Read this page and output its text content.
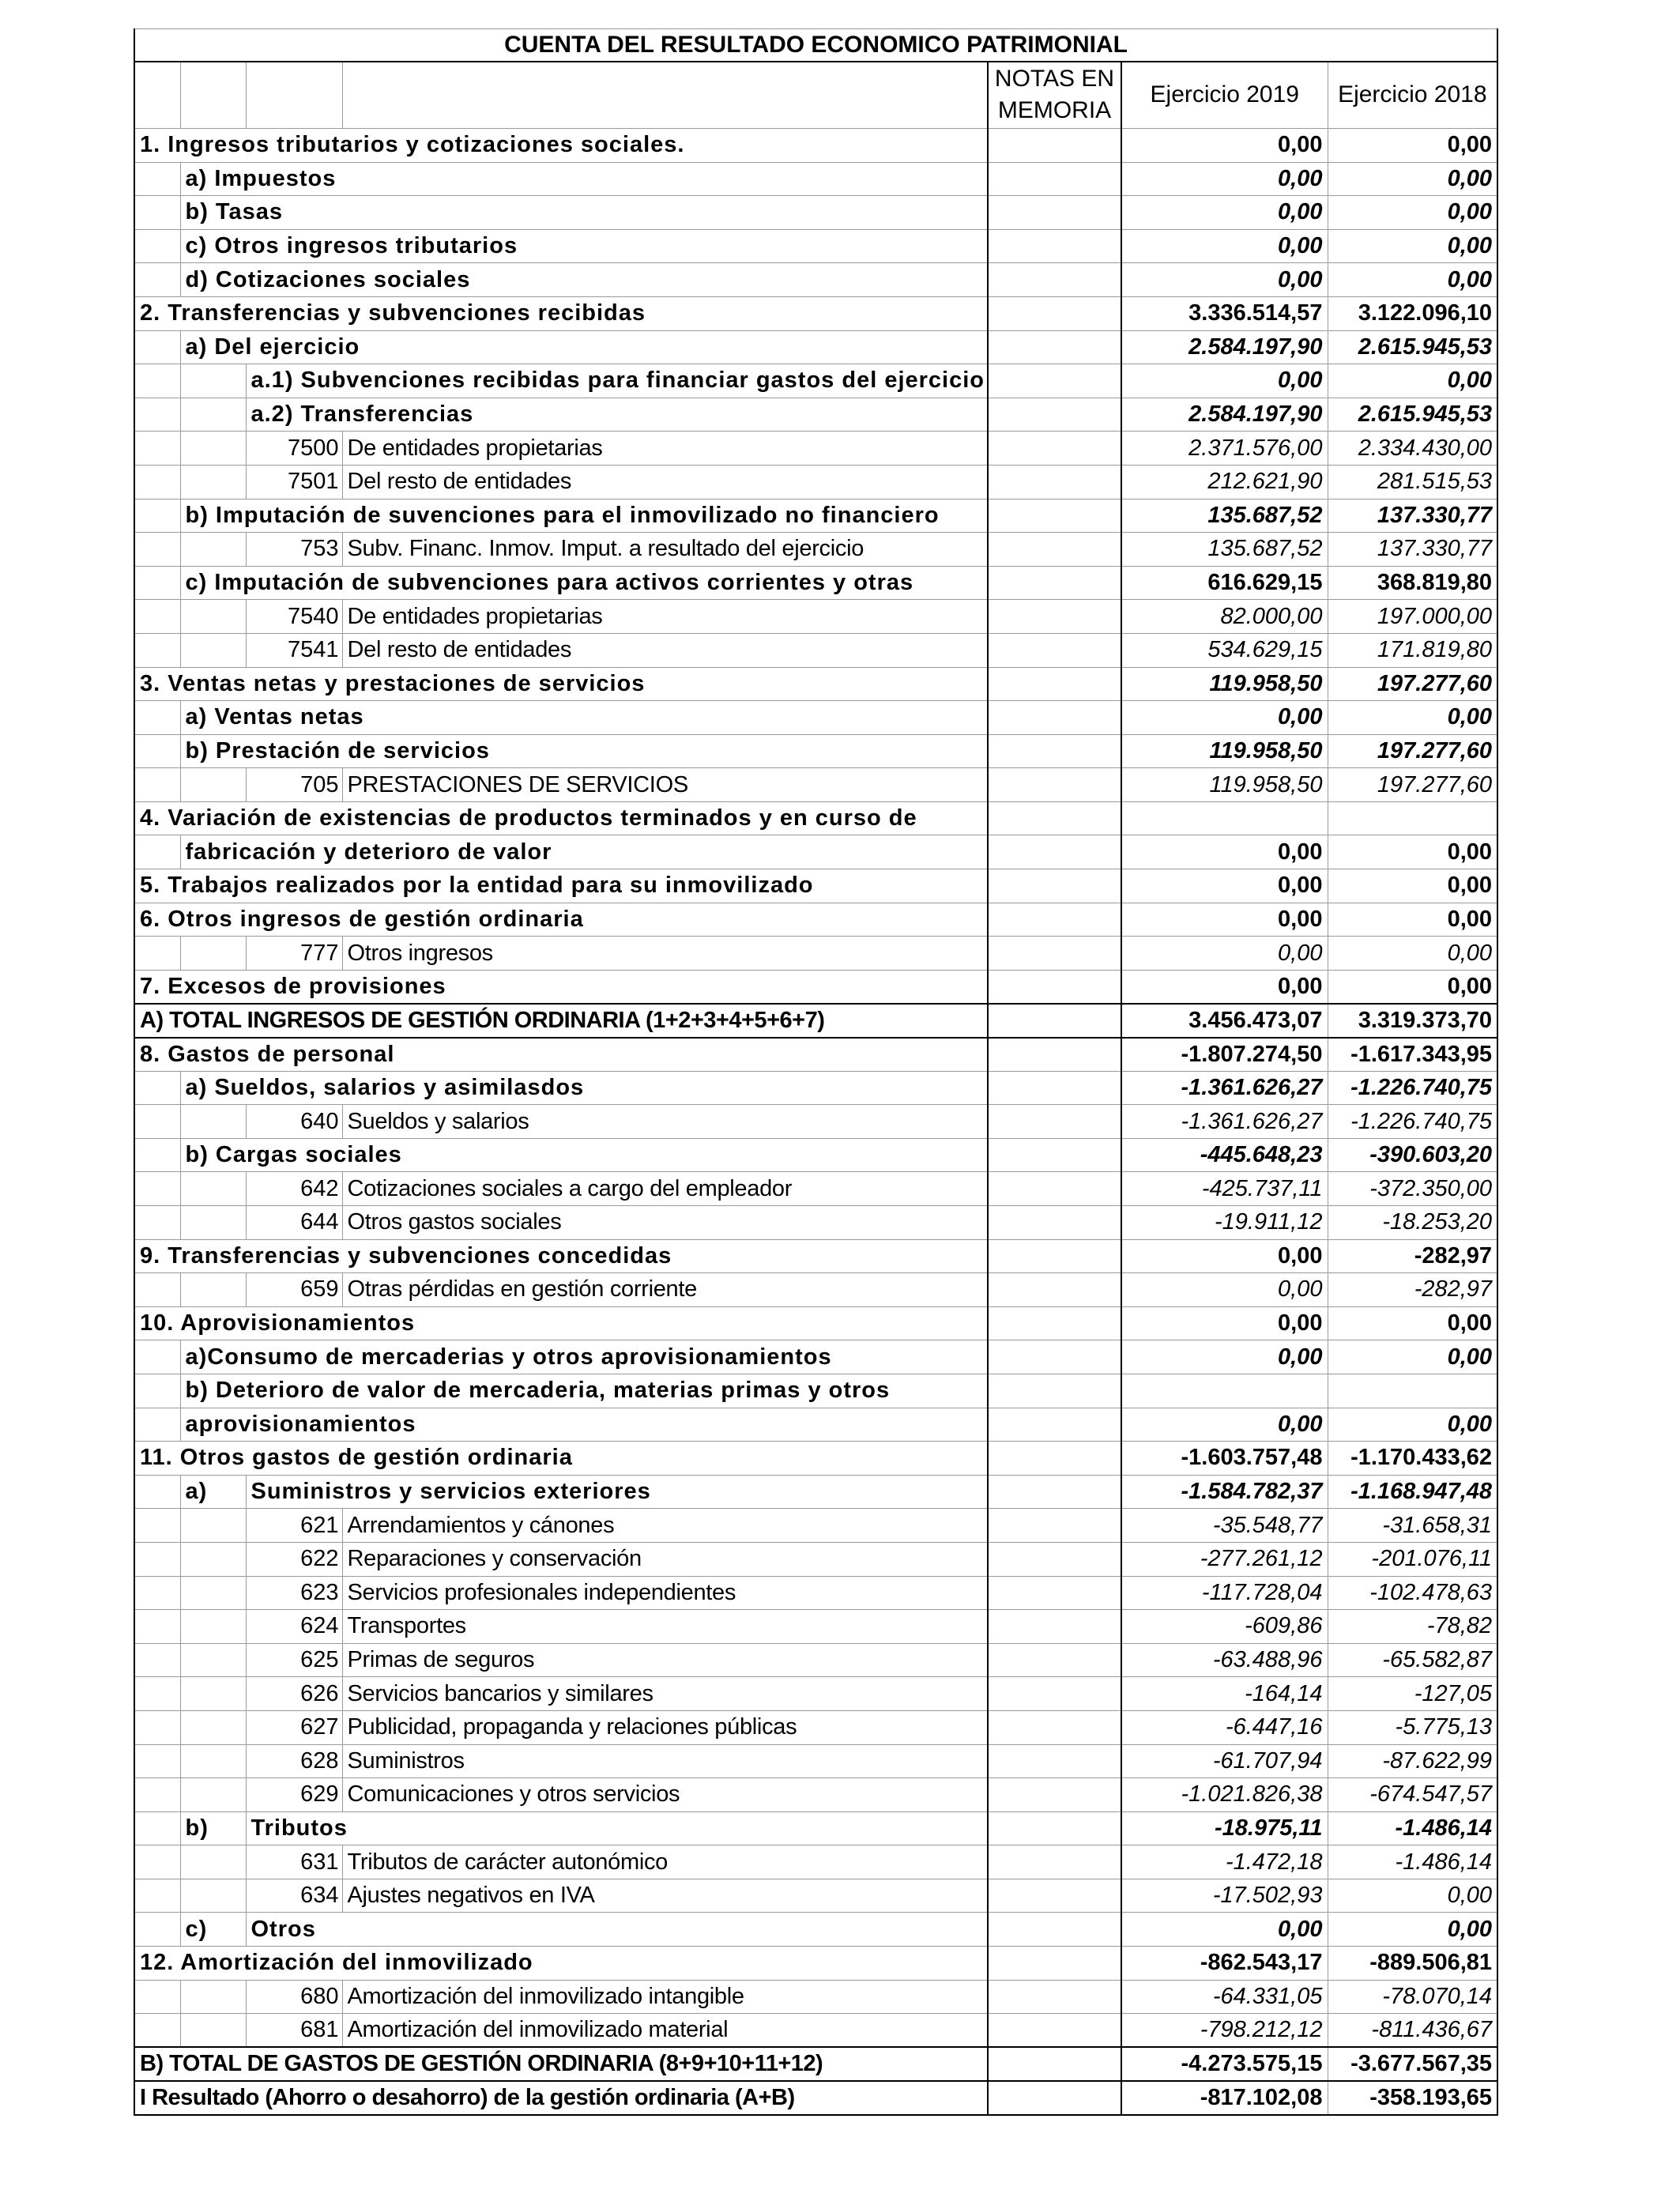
CUENTA DEL RESULTADO ECONOMICO PATRIMONIAL						
				NOTAS EN MEMORIA	Ejercicio 2019	Ejercicio 2018
1. Ingresos tributarios y cotizaciones sociales.					0,00	0,00
	a) Impuestos				0,00	0,00
	b) Tasas				0,00	0,00
	c) Otros ingresos tributarios				0,00	0,00
	d) Cotizaciones sociales				0,00	0,00
2. Transferencias y subvenciones recibidas					3.336.514,57	3.122.096,10
	a) Del ejercicio				2.584.197,90	2.615.945,53
		a.1) Subvenciones recibidas para financiar gastos del ejercicio			0,00	0,00
		a.2) Transferencias			2.584.197,90	2.615.945,53
		7500	De entidades propietarias		2.371.576,00	2.334.430,00
		7501	Del resto de entidades		212.621,90	281.515,53
	b) Imputación de suvenciones para el inmovilizado no financiero				135.687,52	137.330,77
		753	Subv. Financ. Inmov. Imput. a resultado del ejercicio		135.687,52	137.330,77
	c) Imputación de subvenciones para activos corrientes y otras				616.629,15	368.819,80
		7540	De entidades propietarias		82.000,00	197.000,00
		7541	Del resto de entidades		534.629,15	171.819,80
3. Ventas netas y prestaciones de servicios					119.958,50	197.277,60
	a) Ventas netas				0,00	0,00
	b) Prestación de servicios				119.958,50	197.277,60
		705	PRESTACIONES DE SERVICIOS		119.958,50	197.277,60
4. Variación de existencias de productos terminados y en curso de						
	fabricación y deterioro de valor				0,00	0,00
5. Trabajos realizados por la entidad para su inmovilizado					0,00	0,00
6. Otros ingresos de gestión ordinaria					0,00	0,00
		777	Otros ingresos		0,00	0,00
7. Excesos de provisiones					0,00	0,00
A) TOTAL INGRESOS DE GESTIÓN ORDINARIA (1+2+3+4+5+6+7)					3.456.473,07	3.319.373,70
8. Gastos de personal					-1.807.274,50	-1.617.343,95
	a) Sueldos, salarios y asimilasdos				-1.361.626,27	-1.226.740,75
		640	Sueldos y salarios		-1.361.626,27	-1.226.740,75
	b) Cargas sociales				-445.648,23	-390.603,20
		642	Cotizaciones sociales a cargo del empleador		-425.737,11	-372.350,00
		644	Otros gastos sociales		-19.911,12	-18.253,20
9. Transferencias y subvenciones concedidas					0,00	-282,97
		659	Otras pérdidas en gestión corriente		0,00	-282,97
10. Aprovisionamientos					0,00	0,00
	a)Consumo de mercaderias y otros aprovisionamientos				0,00	0,00
	b) Deterioro de valor de mercaderia, materias primas y otros					
	aprovisionamientos				0,00	0,00
11. Otros gastos de gestión ordinaria					-1.603.757,48	-1.170.433,62
	a)	Suministros y servicios exteriores			-1.584.782,37	-1.168.947,48
		621	Arrendamientos y cánones		-35.548,77	-31.658,31
		622	Reparaciones y conservación		-277.261,12	-201.076,11
		623	Servicios profesionales independientes		-117.728,04	-102.478,63
		624	Transportes		-609,86	-78,82
		625	Primas de seguros		-63.488,96	-65.582,87
		626	Servicios bancarios y similares		-164,14	-127,05
		627	Publicidad, propaganda y relaciones públicas		-6.447,16	-5.775,13
		628	Suministros		-61.707,94	-87.622,99
		629	Comunicaciones y otros servicios		-1.021.826,38	-674.547,57
	b)	Tributos			-18.975,11	-1.486,14
		631	Tributos de carácter autonómico		-1.472,18	-1.486,14
		634	Ajustes negativos en IVA		-17.502,93	0,00
	c)	Otros			0,00	0,00
12. Amortización del inmovilizado					-862.543,17	-889.506,81
		680	Amortización del inmovilizado intangible		-64.331,05	-78.070,14
		681	Amortización del inmovilizado material		-798.212,12	-811.436,67
B) TOTAL DE GASTOS DE GESTIÓN ORDINARIA (8+9+10+11+12)					-4.273.575,15	-3.677.567,35
I Resultado (Ahorro o desahorro) de la gestión ordinaria (A+B)					-817.102,08	-358.193,65
